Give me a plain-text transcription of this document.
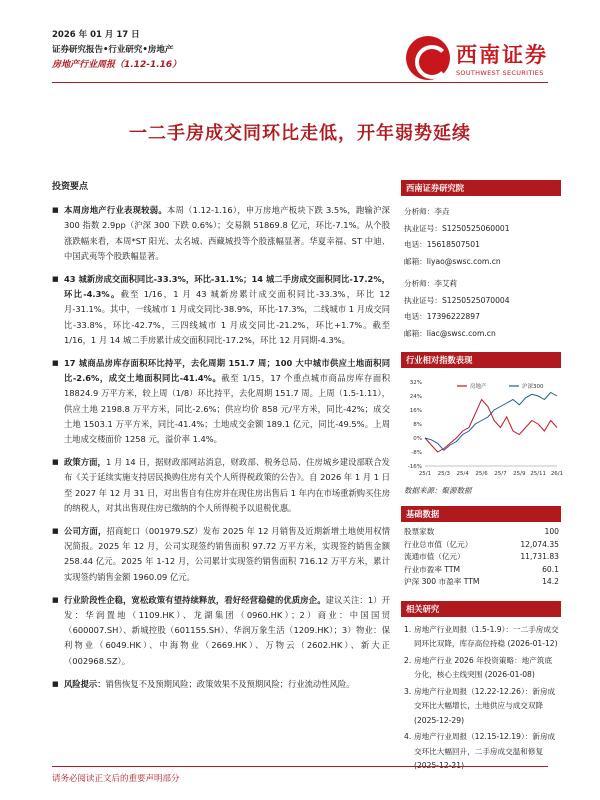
2026 年 01 月 17 日
证券研究报告•行业研究•房地产
房地产行业周报（1.12-1.16）	西南证券
SOUTHWEST SECURITIES
一二手房成交同环比走低，开年弱势延续
投资要点
■ 本周房地产行业表现较弱。本周（1.12-1.16），申万房地产板块下跌 3.5%，跑输沪深 300 指数 2.9pp（沪深 300 下跌 0.6%）；交易额 51869.8 亿元，环比-7.1%。从个股涨跌幅来看，本周*ST 阳光、太名城、西藏城投等个股涨幅显著。华夏幸福、ST 中迪、中国武夷等个股跌幅显著。
■ 43 城新房成交面积同比-33.3%，环比-31.1%；14 城二手房成交面积同比-17.2%，环比-4.3%。截至 1/16，1 月 43 城新房累计成交面积同比-33.3%，环比 12 月-31.1%。其中，一线城市 1 月成交同比-38.9%，环比-17.3%，二线城市 1 月成交同比-33.8%，环比-42.7%，三四线城市 1 月成交同比-21.2%，环比+1.7%。截至 1/16，1 月 14 城二手房累计成交面积同比-17.2%，环比 12 月同期-4.3%。
■ 17 城商品房库存面积环比持平，去化周期 151.7 周；100 大中城市供应土地面积同比-2.6%，成交土地面积同比-41.4%。截至 1/15，17 个重点城市商品房库存面积 18824.9 万平方米，较上周（1/8）环比持平，去化周期 151.7 周。上周（1.5-1.11），供应土地 2198.8 万平方米，同比-2.6%；供应均价 858 元/平方米，同比-42%；成交土地 1503.1 万平方米，同比-41.4%；土地成交金额 189.1 亿元，同比-49.5%。上周土地成交楼面价 1258 元，溢价率 1.4%。
■ 政策方面，1 月 14 日，据财政部网站消息，财政部、税务总局、住房城乡建设部联合发布《关于延续实施支持居民换购住房有关个人所得税政策的公告》。自 2026 年 1 月 1 日至 2027 年 12 月 31 日，对出售自有住房并在现住房出售后 1 年内在市场重新购买住房的纳税人，对其出售现住房已缴纳的个人所得税予以退税优惠。
■ 公司方面，招商蛇口（001979.SZ）发布 2025 年 12 月销售及近期新增土地使用权情况简报。2025 年 12 月，公司实现签约销售面积 97.72 万平方米，实现签约销售金额 258.44 亿元。2025 年 1-12 月，公司累计实现签约销售面积 716.12 万平方米，累计实现签约销售金额 1960.09 亿元。
■ 行业阶段性企稳，宽松政策有望持续释放，看好经营稳健的优质房企。建议关注：1）开发：华润置地（1109.HK）、龙湖集团（0960.HK）；2）商业：中国国贸（600007.SH）、新城控股（601155.SH）、华润万象生活（1209.HK）；3）物业：保利物业（6049.HK）、中海物业（2669.HK）、万物云（2602.HK）、新大正（002968.SZ）。
■ 风险提示：销售恢复不及预期风险；政策效果不及预期风险；行业流动性风险。
西南证券研究院
分析师：李垚
执业证号：S1250525060001
电话：15618507501
邮箱：liyao@swsc.com.cn
分析师：李艾莉
执业证号：S1250525070004
电话：17396222897
邮箱：liac@swsc.com.cn
行业相对指数表现
32%
24%
16%
8%
0%
-8%
-16%
25/1 25/3 25/4 25/6 25/7 25/9 25/11 26/1
房地产	沪深300
数据来源：聚源数据
基础数据
股票家数	100
行业总市值（亿元）	12,074.35
流通市值（亿元）	11,731.83
行业市盈率 TTM	60.1
沪深 300 市盈率 TTM	14.2
相关研究
1. 房地产行业周报（1.5-1.9）：一二手房成交同环比双降，库存高位持稳 (2026-01-12)
2. 房地产行业 2026 年投资策略：地产筑底分化，核心主线突围 (2026-01-08)
3. 房地产行业周报（12.22-12.26）：新房成交环比大幅增长，土地供应与成交双降 (2025-12-29)
4. 房地产行业周报（12.15-12.19）：新房成交环比大幅回升，二手房成交温和修复 (2025-12-21)
请务必阅读正文后的重要声明部分
